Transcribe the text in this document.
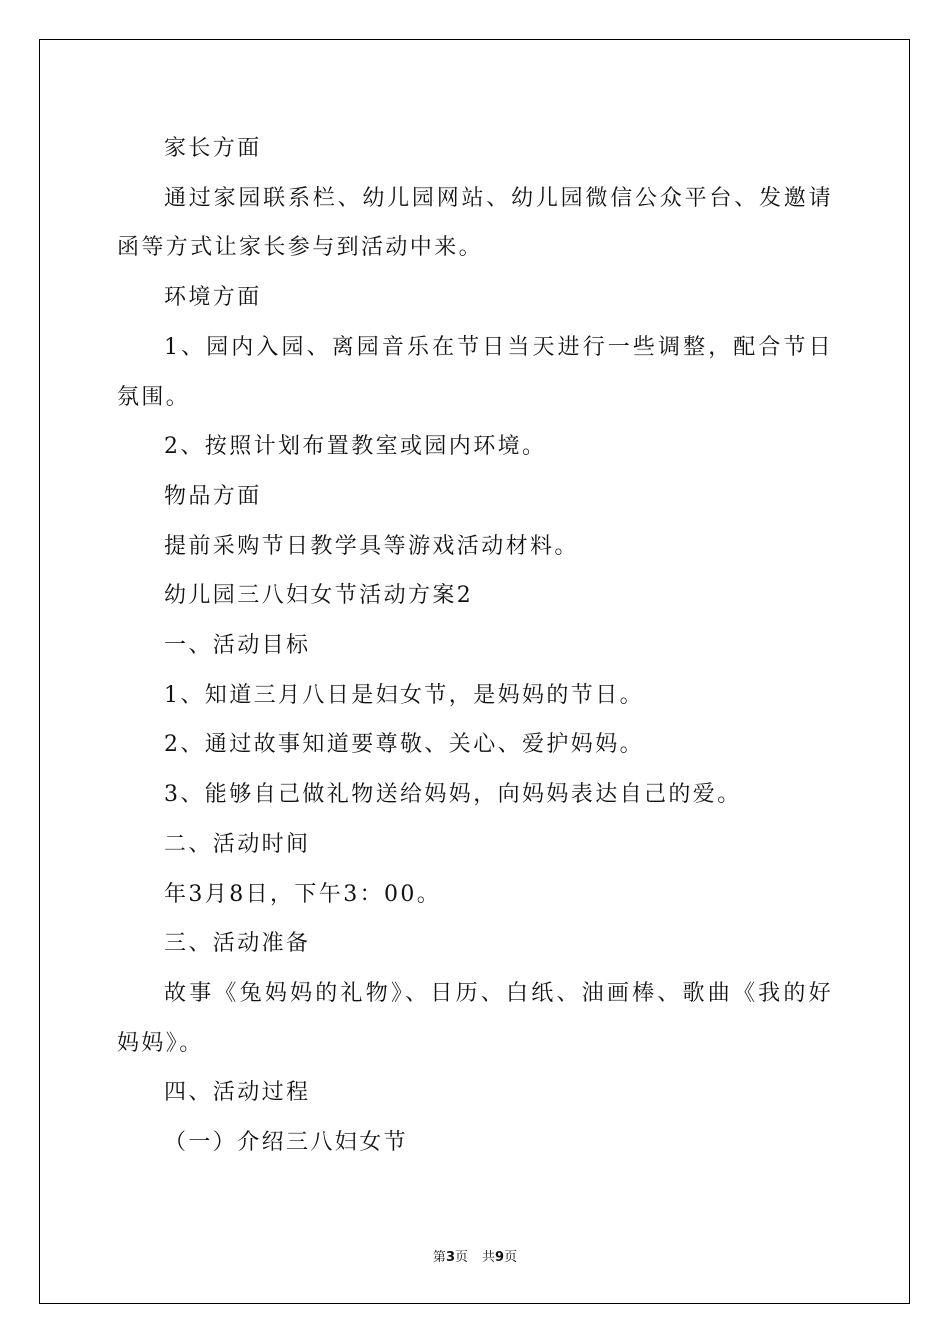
家长方面

通过家园联系栏、幼儿园网站、幼儿园微信公众平台、发邀请函等方式让家长参与到活动中来。

环境方面

1、园内入园、离园音乐在节日当天进行一些调整，配合节日氛围。

2、按照计划布置教室或园内环境。

物品方面

提前采购节日教学具等游戏活动材料。

幼儿园三八妇女节活动方案2

一、活动目标

1、知道三月八日是妇女节，是妈妈的节日。

2、通过故事知道要尊敬、关心、爱护妈妈。

3、能够自己做礼物送给妈妈，向妈妈表达自己的爱。

二、活动时间

年3月8日，下午3：00。

三、活动准备

故事《兔妈妈的礼物》、日历、白纸、油画棒、歌曲《我的好妈妈》。

四、活动过程

（一）介绍三八妇女节

第3页 共9页
